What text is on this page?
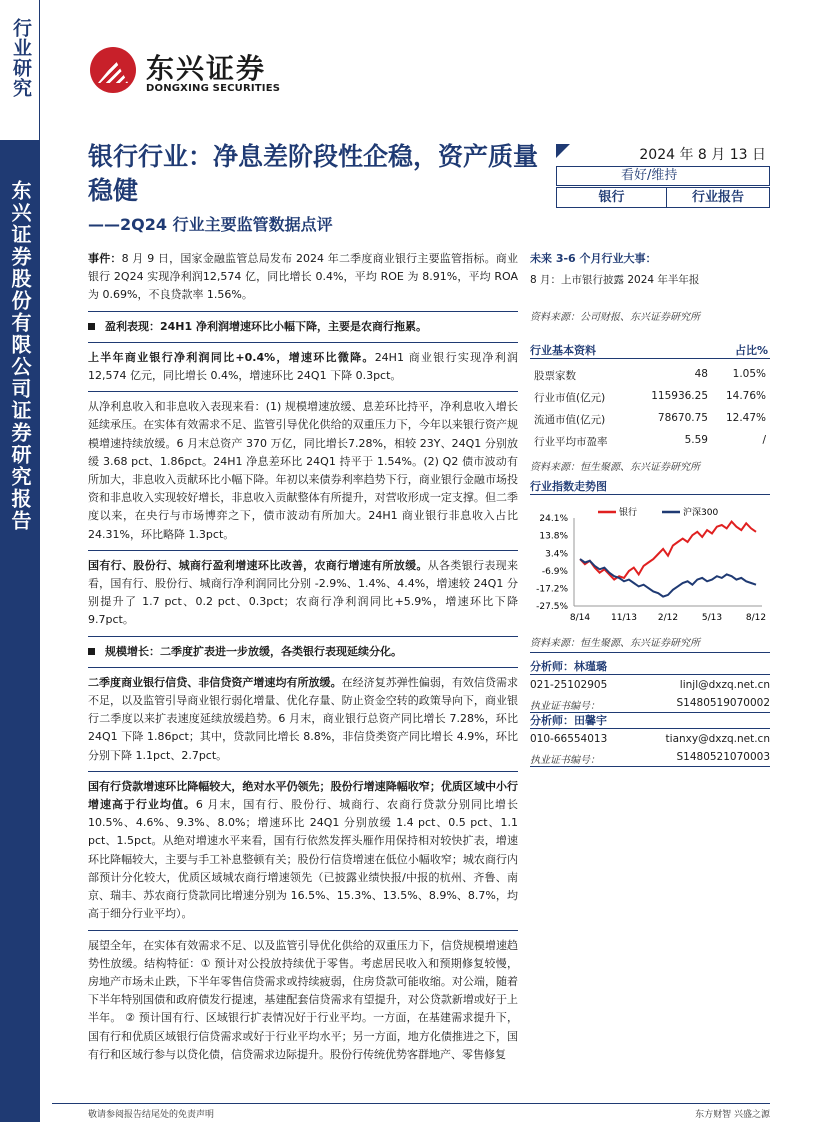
行业研究
东兴证券股份有限公司证券研究报告
东兴证券
DONGXING SECURITIES
银行行业：净息差阶段性企稳，资产质量稳健
——2Q24 行业主要监管数据点评
2024 年 8 月 13 日
看好/维持
银行	行业报告

事件：8 月 9 日，国家金融监管总局发布 2024 年二季度商业银行主要监管指标。商业银行 2Q24 实现净利润12,574 亿，同比增长 0.4%，平均 ROE 为 8.91%，平均 ROA 为 0.69%，不良贷款率 1.56%。

盈利表现：24H1 净利润增速环比小幅下降，主要是农商行拖累。

上半年商业银行净利润同比+0.4%，增速环比微降。24H1 商业银行实现净利润 12,574 亿元，同比增长 0.4%，增速环比 24Q1 下降 0.3pct。

从净利息收入和非息收入表现来看：(1) 规模增速放缓、息差环比持平，净利息收入增长延续承压。在实体有效需求不足、监管引导优化供给的双重压力下，今年以来银行资产规模增速持续放缓。6 月末总资产 370 万亿，同比增长7.28%，相较 23Y、24Q1 分别放缓 3.68 pct、1.86pct。24H1 净息差环比 24Q1 持平于 1.54%。(2) Q2 债市波动有所加大，非息收入贡献环比小幅下降。年初以来债券利率趋势下行，商业银行金融市场投资和非息收入实现较好增长，非息收入贡献整体有所提升，对营收形成一定支撑。但二季度以来，在央行与市场博弈之下，债市波动有所加大。24H1 商业银行非息收入占比 24.31%，环比略降 1.3pct。

国有行、股份行、城商行盈利增速环比改善，农商行增速有所放缓。从各类银行表现来看，国有行、股份行、城商行净利润同比分别 -2.9%、1.4%、4.4%，增速较 24Q1 分别提升了 1.7 pct、0.2 pct、0.3pct；农商行净利润同比+5.9%，增速环比下降 9.7pct。

规模增长：二季度扩表进一步放缓，各类银行表现延续分化。

二季度商业银行信贷、非信贷资产增速均有所放缓。在经济复苏弹性偏弱，有效信贷需求不足，以及监管引导商业银行弱化增量、优化存量、防止资金空转的政策导向下，商业银行二季度以来扩表速度延续放缓趋势。6 月末，商业银行总资产同比增长 7.28%，环比 24Q1 下降 1.86pct；其中，贷款同比增长 8.8%，非信贷类资产同比增长 4.9%，环比分别下降 1.1pct、2.7pct。

国有行贷款增速环比降幅较大，绝对水平仍领先；股份行增速降幅收窄；优质区域中小行增速高于行业均值。6 月末，国有行、股份行、城商行、农商行贷款分别同比增长 10.5%、4.6%、9.3%、8.0%；增速环比 24Q1 分别放缓 1.4 pct、0.5 pct、1.1 pct、1.5pct。从绝对增速水平来看，国有行依然发挥头雁作用保持相对较快扩表，增速环比降幅较大，主要与手工补息整顿有关；股份行信贷增速在低位小幅收窄；城农商行内部预计分化较大，优质区域城农商行增速领先（已披露业绩快报/中报的杭州、齐鲁、南京、瑞丰、苏农商行贷款同比增速分别为 16.5%、15.3%、13.5%、8.9%、8.7%，均高于细分行业平均）。

展望全年，在实体有效需求不足、以及监管引导优化供给的双重压力下，信贷规模增速趋势性放缓。结构特征：① 预计对公投放持续优于零售。考虑居民收入和预期修复较慢，房地产市场未止跌，下半年零售信贷需求或持续疲弱，住房贷款可能收缩。对公端，随着下半年特别国债和政府债发行提速，基建配套信贷需求有望提升，对公贷款新增或好于上半年。 ② 预计国有行、区域银行扩表情况好于行业平均。一方面，在基建需求提升下，国有行和优质区域银行信贷需求或好于行业平均水平；另一方面，地方化债推进之下，国有行和区域行参与以贷化债，信贷需求边际提升。股份行传统优势客群地产、零售修复

未来 3-6 个月行业大事：
8 月：上市银行披露 2024 年半年报
资料来源：公司财报、东兴证券研究所
行业基本资料	占比%
股票家数	48 1.05%
行业市值(亿元)	115936.25 14.76%
流通市值(亿元)	78670.75 12.47%
行业平均市盈率	5.59	/
资料来源：恒生聚源、东兴证券研究所
行业指数走势图
24.1%
13.8%
3.4%
-6.9%
-17.2%
-27.5%
8/14 11/13 2/12	5/13	8/12
银行	沪深300
资料来源：恒生聚源、东兴证券研究所
分析师：林瑾璐
021-25102905	linjl@dxzq.net.cn
执业证书编号：	S1480519070002
分析师：田馨宇
010-66554013	tianxy@dxzq.net.cn
执业证书编号：	S1480521070003
敬请参阅报告结尾处的免责声明	东方财智 兴盛之源
